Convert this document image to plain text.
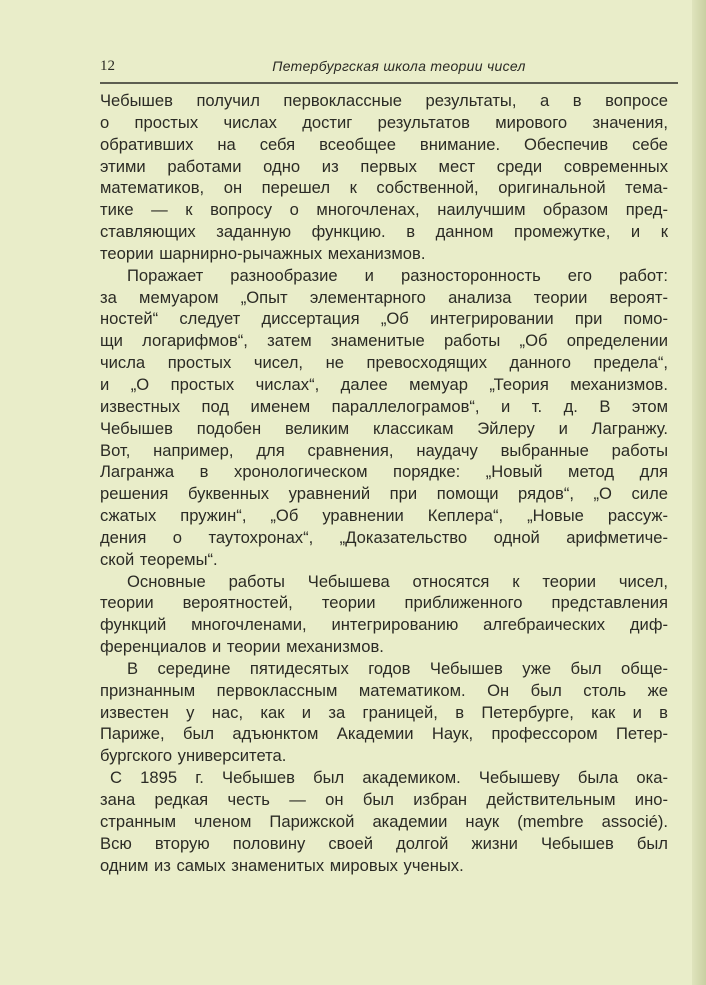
12	Петербургская школа теории чисел
Чебышев получил первоклассные результаты, а в вопросе
о простых числах достиг результатов мирового значения,
обративших на себя всеобщее внимание. Обеспечив себе
этими работами одно из первых мест среди современных
математиков, он перешел к собственной, оригинальной тема-
тике — к вопросу о многочленах, наилучшим образом пред-
ставляющих заданную функцию. в данном промежутке, и к
теории шарнирно-рычажных механизмов.
Поражает разнообразие и разносторонность его работ:
за мемуаром „Опыт элементарного анализа теории вероят-
ностей“ следует диссертация „Об интегрировании при помо-
щи логарифмов“, затем знаменитые работы „Об определении
числа простых чисел, не превосходящих данного предела“,
и „О простых числах“, далее мемуар „Теория механизмов.
известных под именем параллелограмов“, и т. д. В этом
Чебышев подобен великим классикам Эйлеру и Лагранжу.
Вот, например, для сравнения, наудачу выбранные работы
Лагранжа в хронологическом порядке: „Новый метод для
решения буквенных уравнений при помощи рядов“, „О силе
сжатых пружин“, „Об уравнении Кеплера“, „Новые рассуж-
дения о таутохронах“, „Доказательство одной арифметиче-
ской теоремы“.
Основные работы Чебышева относятся к теории чисел,
теории вероятностей, теории приближенного представления
функций многочленами, интегрированию алгебраических диф-
ференциалов и теории механизмов.
В середине пятидесятых годов Чебышев уже был обще-
признанным первоклассным математиком. Он был столь же
известен у нас, как и за границей, в Петербурге, как и в
Париже, был адъюнктом Академии Наук, профессором Петер-
бургского университета.
С 1895 г. Чебышев был академиком. Чебышеву была ока-
зана редкая честь — он был избран действительным ино-
странным членом Парижской академии наук (membre associé).
Всю вторую половину своей долгой жизни Чебышев был
одним из самых знаменитых мировых ученых.
